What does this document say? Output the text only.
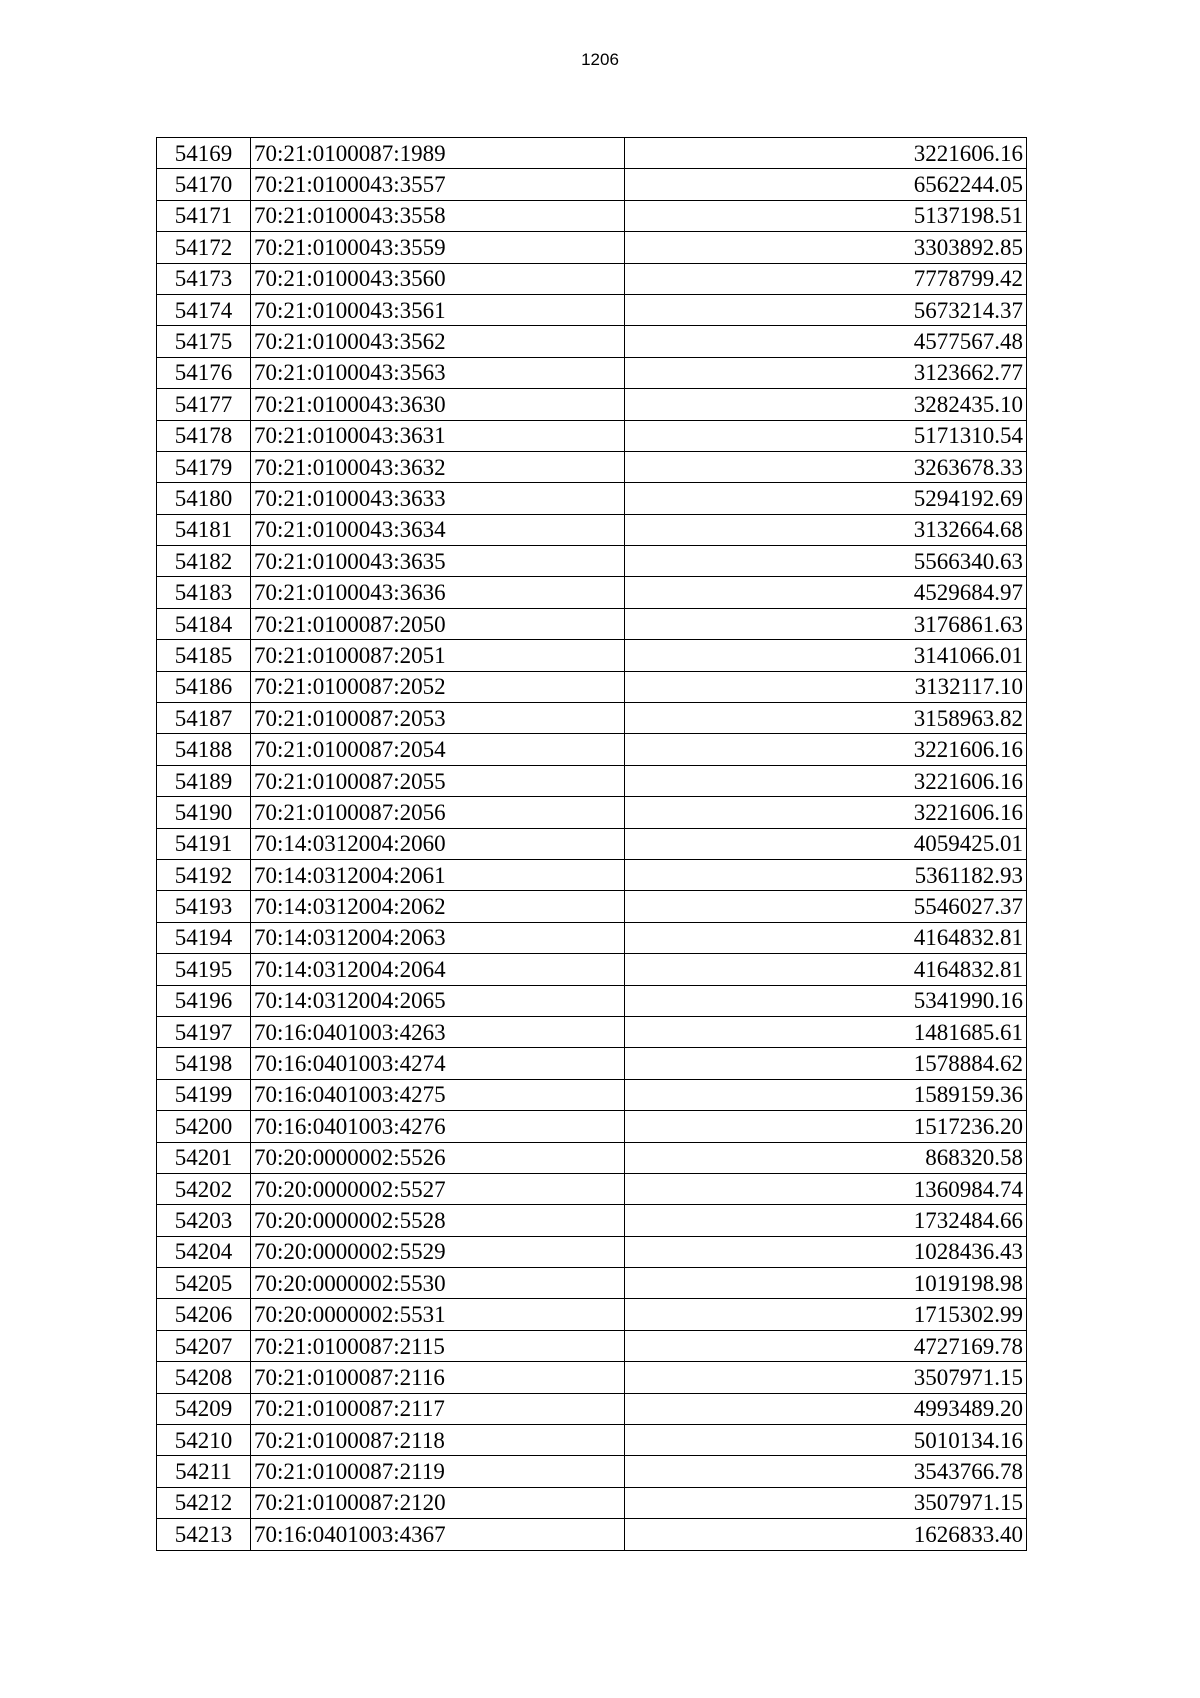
1206
54169	70:21:0100087:1989	3221606.16
54170	70:21:0100043:3557	6562244.05
54171	70:21:0100043:3558	5137198.51
54172	70:21:0100043:3559	3303892.85
54173	70:21:0100043:3560	7778799.42
54174	70:21:0100043:3561	5673214.37
54175	70:21:0100043:3562	4577567.48
54176	70:21:0100043:3563	3123662.77
54177	70:21:0100043:3630	3282435.10
54178	70:21:0100043:3631	5171310.54
54179	70:21:0100043:3632	3263678.33
54180	70:21:0100043:3633	5294192.69
54181	70:21:0100043:3634	3132664.68
54182	70:21:0100043:3635	5566340.63
54183	70:21:0100043:3636	4529684.97
54184	70:21:0100087:2050	3176861.63
54185	70:21:0100087:2051	3141066.01
54186	70:21:0100087:2052	3132117.10
54187	70:21:0100087:2053	3158963.82
54188	70:21:0100087:2054	3221606.16
54189	70:21:0100087:2055	3221606.16
54190	70:21:0100087:2056	3221606.16
54191	70:14:0312004:2060	4059425.01
54192	70:14:0312004:2061	5361182.93
54193	70:14:0312004:2062	5546027.37
54194	70:14:0312004:2063	4164832.81
54195	70:14:0312004:2064	4164832.81
54196	70:14:0312004:2065	5341990.16
54197	70:16:0401003:4263	1481685.61
54198	70:16:0401003:4274	1578884.62
54199	70:16:0401003:4275	1589159.36
54200	70:16:0401003:4276	1517236.20
54201	70:20:0000002:5526	868320.58
54202	70:20:0000002:5527	1360984.74
54203	70:20:0000002:5528	1732484.66
54204	70:20:0000002:5529	1028436.43
54205	70:20:0000002:5530	1019198.98
54206	70:20:0000002:5531	1715302.99
54207	70:21:0100087:2115	4727169.78
54208	70:21:0100087:2116	3507971.15
54209	70:21:0100087:2117	4993489.20
54210	70:21:0100087:2118	5010134.16
54211	70:21:0100087:2119	3543766.78
54212	70:21:0100087:2120	3507971.15
54213	70:16:0401003:4367	1626833.40
